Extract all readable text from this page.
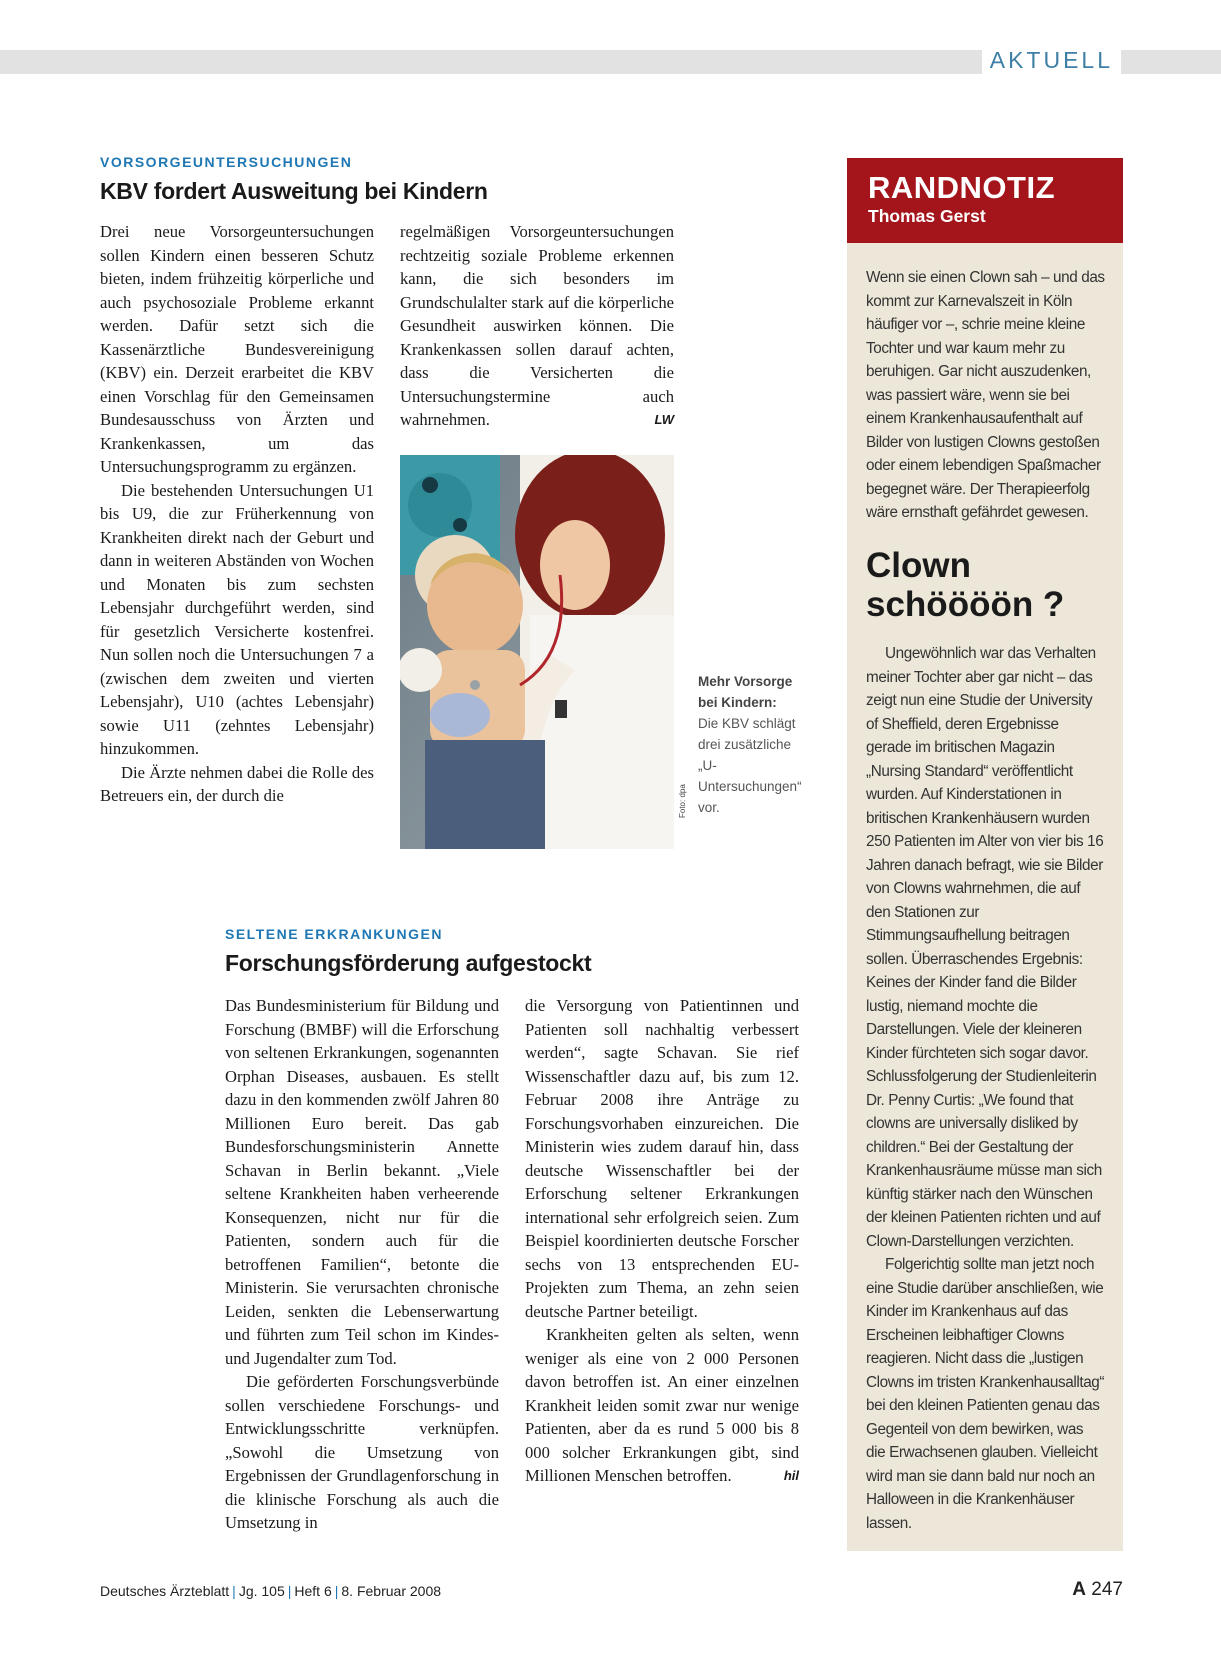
AKTUELL
VORSORGEUNTERSUCHUNGEN
KBV fordert Ausweitung bei Kindern

Drei neue Vorsorgeuntersuchungen sollen Kindern einen besseren Schutz bieten, indem frühzeitig körperliche und auch psychosoziale Probleme erkannt werden. Dafür setzt sich die Kassenärztliche Bundesvereinigung (KBV) ein. Derzeit erarbeitet die KBV einen Vorschlag für den Gemeinsamen Bundesausschuss von Ärzten und Krankenkassen, um das Untersuchungsprogramm zu ergänzen.

Die bestehenden Untersuchungen U1 bis U9, die zur Früherkennung von Krankheiten direkt nach der Geburt und dann in weiteren Abständen von Wochen und Monaten bis zum sechsten Lebensjahr durchgeführt werden, sind für gesetzlich Versicherte kostenfrei. Nun sollen noch die Untersuchungen 7 a (zwischen dem zweiten und vierten Lebensjahr), U10 (achtes Lebensjahr) sowie U11 (zehntes Lebensjahr) hinzukommen.

Die Ärzte nehmen dabei die Rolle des Betreuers ein, der durch die

regelmäßigen Vorsorgeuntersuchungen rechtzeitig soziale Probleme erkennen kann, die sich besonders im Grundschulalter stark auf die körperliche Gesundheit auswirken können. Die Krankenkassen sollen darauf achten, dass die Versicherten die Untersuchungstermine auch wahrnehmen.	LW

Foto: dpa
Mehr Vorsorge bei Kindern:
Die KBV schlägt drei zusätzliche „U-Untersuchungen“ vor.
SELTENE ERKRANKUNGEN
Forschungsförderung aufgestockt

Das Bundesministerium für Bildung und Forschung (BMBF) will die Erforschung von seltenen Erkrankungen, sogenannten Orphan Diseases, ausbauen. Es stellt dazu in den kommenden zwölf Jahren 80 Millionen Euro bereit. Das gab Bundesforschungsministerin Annette Schavan in Berlin bekannt. „Viele seltene Krankheiten haben verheerende Konsequenzen, nicht nur für die Patienten, sondern auch für die betroffenen Familien“, betonte die Ministerin. Sie verursachten chronische Leiden, senkten die Lebenserwartung und führten zum Teil schon im Kindes- und Jugendalter zum Tod.

Die geförderten Forschungsverbünde sollen verschiedene Forschungs- und Entwicklungsschritte verknüpfen. „Sowohl die Umsetzung von Ergebnissen der Grundlagenforschung in die klinische Forschung als auch die Umsetzung in

die Versorgung von Patientinnen und Patienten soll nachhaltig verbessert werden“, sagte Schavan. Sie rief Wissenschaftler dazu auf, bis zum 12. Februar 2008 ihre Anträge zu Forschungsvorhaben einzureichen. Die Ministerin wies zudem darauf hin, dass deutsche Wissenschaftler bei der Erforschung seltener Erkrankungen international sehr erfolgreich seien. Zum Beispiel koordinierten deutsche Forscher sechs von 13 entsprechenden EU-Projekten zum Thema, an zehn seien deutsche Partner beteiligt.

Krankheiten gelten als selten, wenn weniger als eine von 2 000 Personen davon betroffen ist. An einer einzelnen Krankheit leiden somit zwar nur wenige Patienten, aber da es rund 5 000 bis 8 000 solcher Erkrankungen gibt, sind Millionen Menschen betroffen.	hil

RANDNOTIZ
Thomas Gerst

Wenn sie einen Clown sah – und das kommt zur Karnevalszeit in Köln häufiger vor –, schrie meine kleine Tochter und war kaum mehr zu beruhigen. Gar nicht auszudenken, was passiert wäre, wenn sie bei einem Krankenhausaufenthalt auf Bilder von lustigen Clowns gestoßen oder einem lebendigen Spaßmacher begegnet wäre. Der Therapieerfolg wäre ernsthaft gefährdet gewesen.

Clown
schöööön ?

Ungewöhnlich war das Verhalten meiner Tochter aber gar nicht – das zeigt nun eine Studie der University of Sheffield, deren Ergebnisse gerade im britischen Magazin „Nursing Standard“ veröffentlicht wurden. Auf Kinderstationen in britischen Krankenhäusern wurden 250 Patienten im Alter von vier bis 16 Jahren danach befragt, wie sie Bilder von Clowns wahrnehmen, die auf den Stationen zur Stimmungsaufhellung beitragen sollen. Überraschendes Ergebnis: Keines der Kinder fand die Bilder lustig, niemand mochte die Darstellungen. Viele der kleineren Kinder fürchteten sich sogar davor. Schlussfolgerung der Studienleiterin Dr. Penny Curtis: „We found that clowns are universally disliked by children.“ Bei der Gestaltung der Krankenhausräume müsse man sich künftig stärker nach den Wünschen der kleinen Patienten richten und auf Clown-Darstellungen verzichten.

Folgerichtig sollte man jetzt noch eine Studie darüber anschließen, wie Kinder im Krankenhaus auf das Erscheinen leibhaftiger Clowns reagieren. Nicht dass die „lustigen Clowns im tristen Krankenhausalltag“ bei den kleinen Patienten genau das Gegenteil von dem bewirken, was die Erwachsenen glauben. Vielleicht wird man sie dann bald nur noch an Halloween in die Krankenhäuser lassen.

Deutsches Ärzteblatt | Jg. 105 | Heft 6 | 8. Februar 2008	A 247
